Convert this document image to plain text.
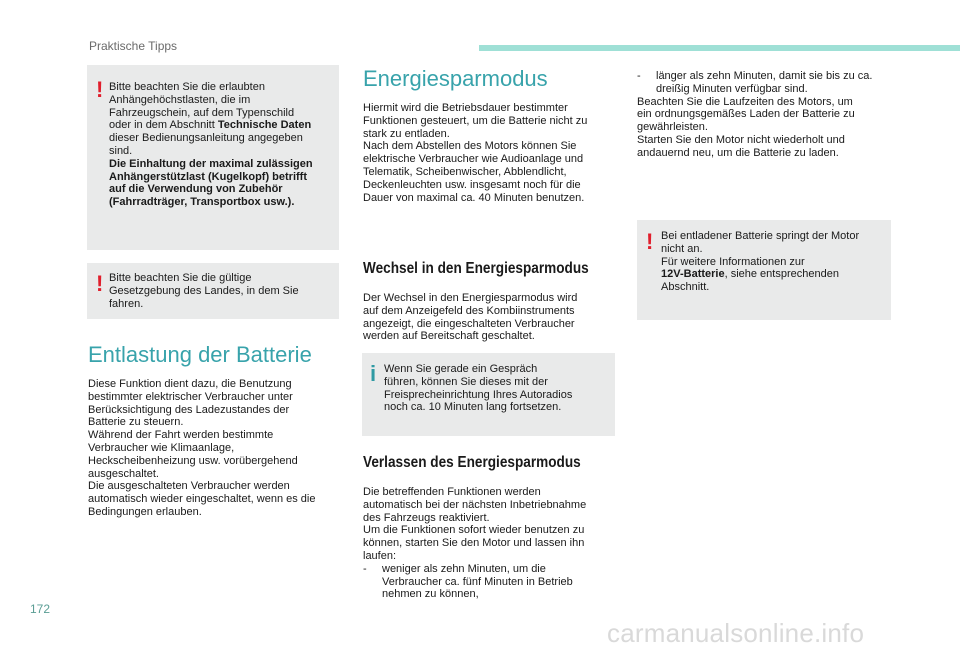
Praktische Tipps
! Bitte beachten Sie die erlaubten
Anhängehöchstlasten, die im
Fahrzeugschein, auf dem Typenschild
oder in dem Abschnitt Technische Daten
dieser Bedienungsanleitung angegeben
sind.
Die Einhaltung der maximal zulässigen
Anhängerstützlast (Kugelkopf) betrifft
auf die Verwendung von Zubehör
(Fahrradträger, Transportbox usw.).
! Bitte beachten Sie die gültige
Gesetzgebung des Landes, in dem Sie
fahren.
Entlastung der Batterie
Diese Funktion dient dazu, die Benutzung
bestimmter elektrischer Verbraucher unter
Berücksichtigung des Ladezustandes der
Batterie zu steuern.
Während der Fahrt werden bestimmte
Verbraucher wie Klimaanlage,
Heckscheibenheizung usw. vorübergehend
ausgeschaltet.
Die ausgeschalteten Verbraucher werden
automatisch wieder eingeschaltet, wenn es die
Bedingungen erlauben.
Energiesparmodus
Hiermit wird die Betriebsdauer bestimmter
Funktionen gesteuert, um die Batterie nicht zu
stark zu entladen.
Nach dem Abstellen des Motors können Sie
elektrische Verbraucher wie Audioanlage und
Telematik, Scheibenwischer, Abblendlicht,
Deckenleuchten usw. insgesamt noch für die
Dauer von maximal ca. 40 Minuten benutzen.
Wechsel in den Energiesparmodus
Der Wechsel in den Energiesparmodus wird
auf dem Anzeigefeld des Kombiinstruments
angezeigt, die eingeschalteten Verbraucher
werden auf Bereitschaft geschaltet.
i Wenn Sie gerade ein Gespräch
führen, können Sie dieses mit der
Freisprecheinrichtung Ihres Autoradios
noch ca. 10 Minuten lang fortsetzen.
Verlassen des Energiesparmodus
Die betreffenden Funktionen werden
automatisch bei der nächsten Inbetriebnahme
des Fahrzeugs reaktiviert.
Um die Funktionen sofort wieder benutzen zu
können, starten Sie den Motor und lassen ihn
laufen:
-	weniger als zehn Minuten, um die
Verbraucher ca. fünf Minuten in Betrieb
nehmen zu können,
-	länger als zehn Minuten, damit sie bis zu ca.
dreißig Minuten verfügbar sind.
Beachten Sie die Laufzeiten des Motors, um
ein ordnungsgemäßes Laden der Batterie zu
gewährleisten.
Starten Sie den Motor nicht wiederholt und
andauernd neu, um die Batterie zu laden.
! Bei entladener Batterie springt der Motor
nicht an.
Für weitere Informationen zur
12V-Batterie, siehe entsprechenden
Abschnitt.
172
carmanualsonline.info
